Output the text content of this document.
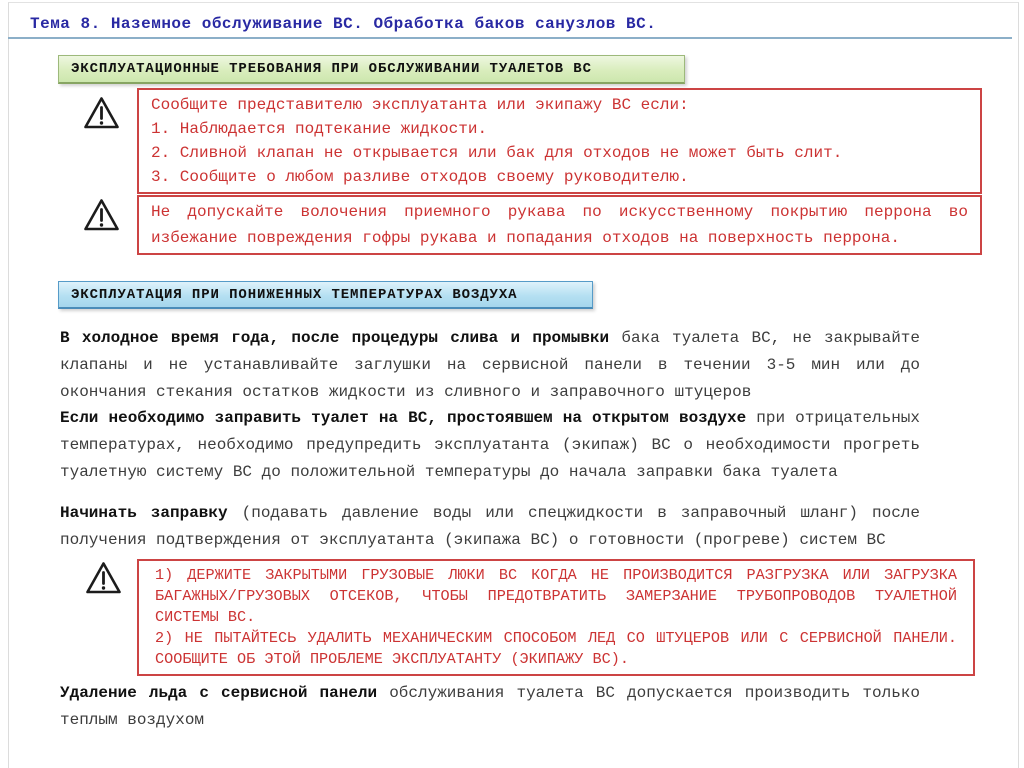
Тема 8. Наземное обслуживание ВС. Обработка баков санузлов ВС.
ЭКСПЛУАТАЦИОННЫЕ ТРЕБОВАНИЯ ПРИ ОБСЛУЖИВАНИИ ТУАЛЕТОВ ВС
Сообщите представителю эксплуатанта или экипажу ВС если:
1. Наблюдается подтекание жидкости.
2. Сливной клапан не открывается или бак для отходов не может быть слит.
3. Сообщите о любом разливе отходов своему руководителю.
Не допускайте волочения приемного рукава по искусственному покрытию перрона во избежание повреждения гофры рукава и попадания отходов на поверхность перрона.
ЭКСПЛУАТАЦИЯ ПРИ ПОНИЖЕННЫХ ТЕМПЕРАТУРАХ ВОЗДУХА
В холодное время года, после процедуры слива и промывки бака туалета ВС, не закрывайте клапаны и не устанавливайте заглушки на сервисной панели в течении 3-5 мин или до окончания стекания остатков жидкости из сливного и заправочного штуцеров
Если необходимо заправить туалет на ВС, простоявшем на открытом воздухе при отрицательных температурах, необходимо предупредить эксплуатанта (экипаж) ВС о необходимости прогреть туалетную систему ВС до положительной температуры до начала заправки бака туалета
Начинать заправку (подавать давление воды или спецжидкости в заправочный шланг) после получения подтверждения от эксплуатанта (экипажа ВС) о готовности (прогреве) систем ВС
1) ДЕРЖИТЕ ЗАКРЫТЫМИ ГРУЗОВЫЕ ЛЮКИ ВС КОГДА НЕ ПРОИЗВОДИТСЯ РАЗГРУЗКА ИЛИ ЗАГРУЗКА БАГАЖНЫХ/ГРУЗОВЫХ ОТСЕКОВ, ЧТОБЫ ПРЕДОТВРАТИТЬ ЗАМЕРЗАНИЕ ТРУБОПРОВОДОВ ТУАЛЕТНОЙ СИСТЕМЫ ВС.
2) НЕ ПЫТАЙТЕСЬ УДАЛИТЬ МЕХАНИЧЕСКИМ СПОСОБОМ ЛЕД СО ШТУЦЕРОВ ИЛИ С СЕРВИСНОЙ ПАНЕЛИ. СООБЩИТЕ ОБ ЭТОЙ ПРОБЛЕМЕ ЭКСПЛУАТАНТУ (ЭКИПАЖУ ВС).
Удаление льда с сервисной панели обслуживания туалета ВС допускается производить только теплым воздухом
